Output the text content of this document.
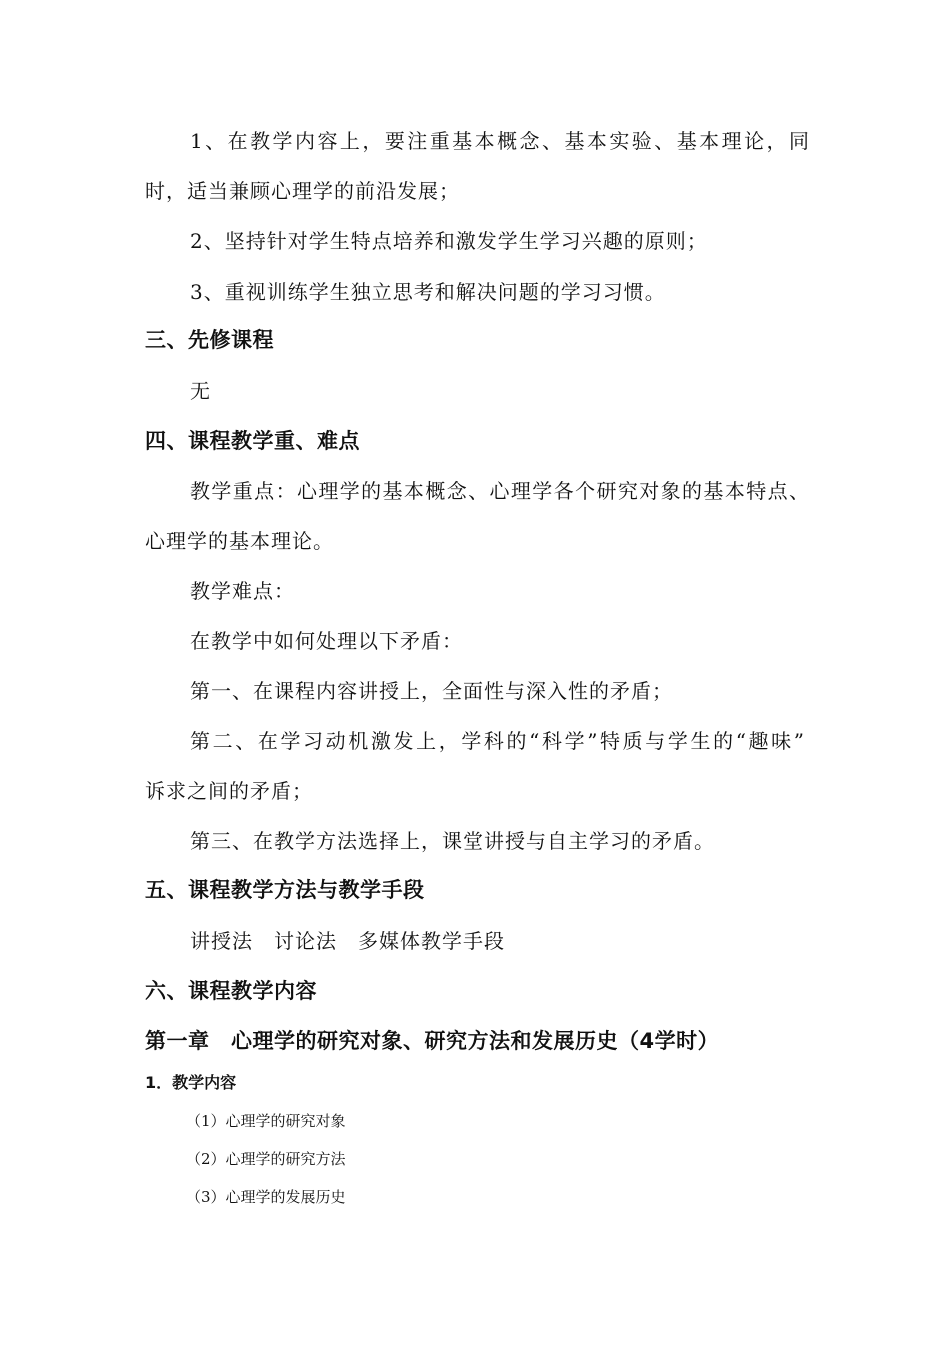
1、在教学内容上，要注重基本概念、基本实验、基本理论，同
时，适当兼顾心理学的前沿发展；
2、坚持针对学生特点培养和激发学生学习兴趣的原则；
3、重视训练学生独立思考和解决问题的学习习惯。
三、先修课程
无
四、课程教学重、难点
教学重点：心理学的基本概念、心理学各个研究对象的基本特点、
心理学的基本理论。
教学难点：
在教学中如何处理以下矛盾：
第一、在课程内容讲授上，全面性与深入性的矛盾；
第二、在学习动机激发上，学科的“科学”特质与学生的“趣味”
诉求之间的矛盾；
第三、在教学方法选择上，课堂讲授与自主学习的矛盾。
五、课程教学方法与教学手段
讲授法　讨论法　多媒体教学手段
六、课程教学内容
第一章　心理学的研究对象、研究方法和发展历史（4学时）
1．教学内容
（1）心理学的研究对象
（2）心理学的研究方法
（3）心理学的发展历史
